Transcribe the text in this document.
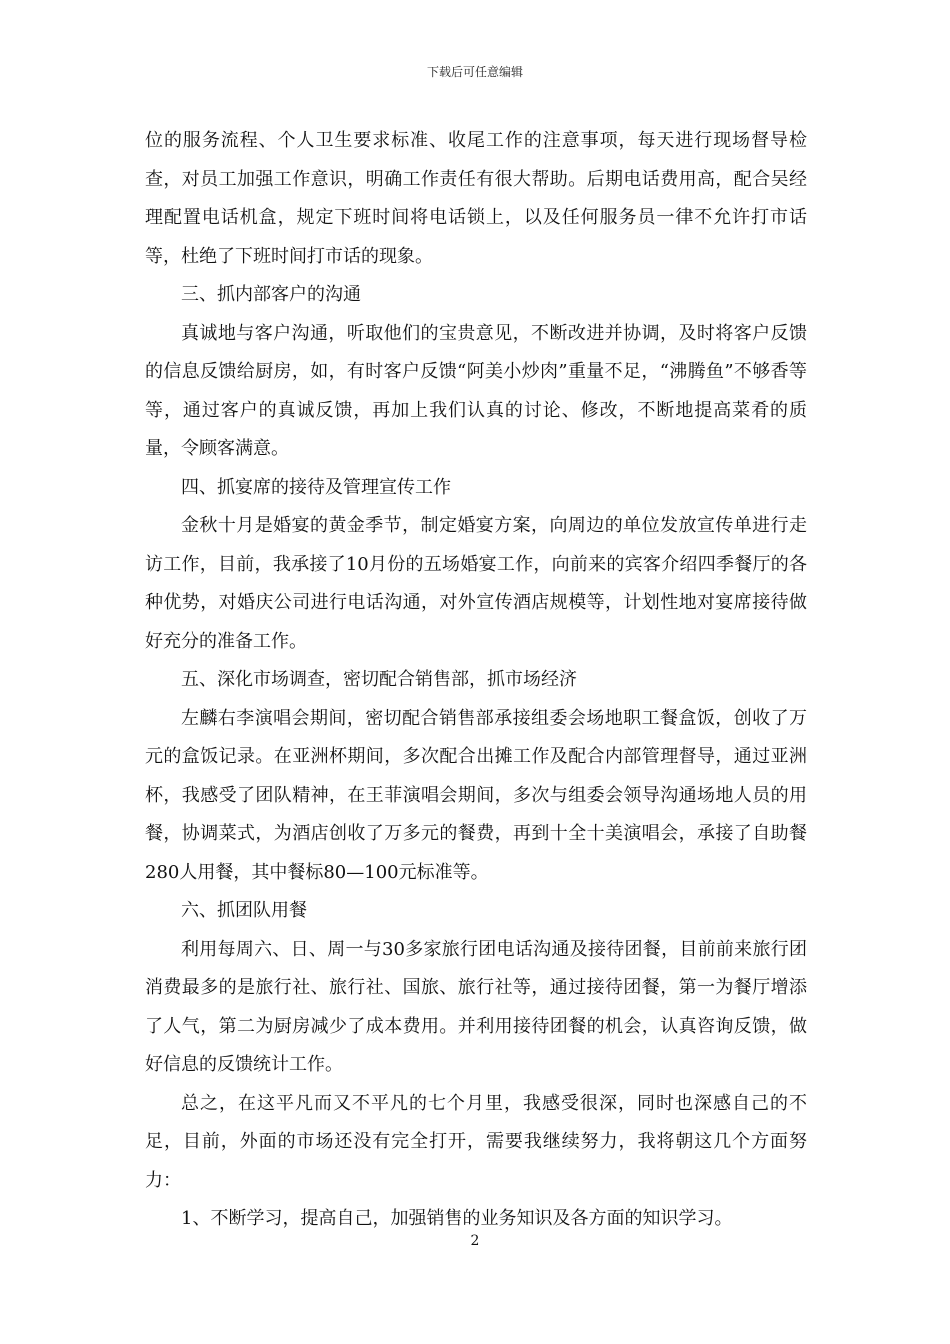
下载后可任意编辑

位的服务流程、个人卫生要求标准、收尾工作的注意事项，每天进行现场督导检查，对员工加强工作意识，明确工作责任有很大帮助。后期电话费用高，配合吴经理配置电话机盒，规定下班时间将电话锁上，以及任何服务员一律不允许打市话等，杜绝了下班时间打市话的现象。

三、抓内部客户的沟通

真诚地与客户沟通，听取他们的宝贵意见，不断改进并协调，及时将客户反馈的信息反馈给厨房，如，有时客户反馈“阿美小炒肉”重量不足，“沸腾鱼”不够香等等，通过客户的真诚反馈，再加上我们认真的讨论、修改，不断地提高菜肴的质量，令顾客满意。

四、抓宴席的接待及管理宣传工作

金秋十月是婚宴的黄金季节，制定婚宴方案，向周边的单位发放宣传单进行走访工作，目前，我承接了10月份的五场婚宴工作，向前来的宾客介绍四季餐厅的各种优势，对婚庆公司进行电话沟通，对外宣传酒店规模等，计划性地对宴席接待做好充分的准备工作。

五、深化市场调查，密切配合销售部，抓市场经济

左麟右李演唱会期间，密切配合销售部承接组委会场地职工餐盒饭，创收了万元的盒饭记录。在亚洲杯期间，多次配合出摊工作及配合内部管理督导，通过亚洲杯，我感受了团队精神，在王菲演唱会期间，多次与组委会领导沟通场地人员的用餐，协调菜式，为酒店创收了万多元的餐费，再到十全十美演唱会，承接了自助餐280人用餐，其中餐标80—100元标准等。

六、抓团队用餐

利用每周六、日、周一与30多家旅行团电话沟通及接待团餐，目前前来旅行团消费最多的是旅行社、旅行社、国旅、旅行社等，通过接待团餐，第一为餐厅增添了人气，第二为厨房减少了成本费用。并利用接待团餐的机会，认真咨询反馈，做好信息的反馈统计工作。

总之，在这平凡而又不平凡的七个月里，我感受很深，同时也深感自己的不足，目前，外面的市场还没有完全打开，需要我继续努力，我将朝这几个方面努力：

1、不断学习，提高自己，加强销售的业务知识及各方面的知识学习。

2
